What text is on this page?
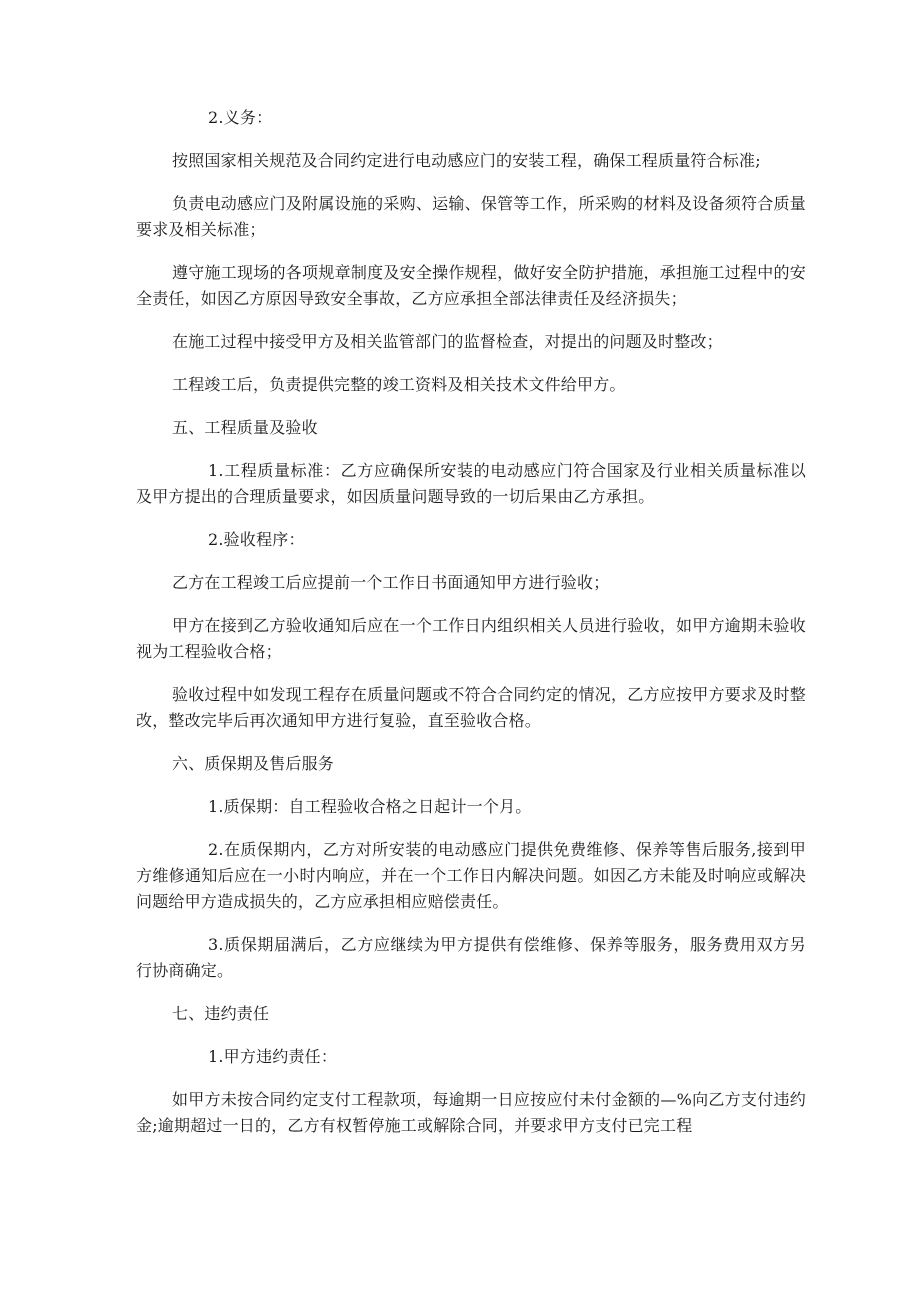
2.义务：

按照国家相关规范及合同约定进行电动感应门的安装工程，确保工程质量符合标准;

负责电动感应门及附属设施的采购、运输、保管等工作，所采购的材料及设备须符合质量要求及相关标准；

遵守施工现场的各项规章制度及安全操作规程，做好安全防护措施，承担施工过程中的安全责任，如因乙方原因导致安全事故，乙方应承担全部法律责任及经济损失；

在施工过程中接受甲方及相关监管部门的监督检查，对提出的问题及时整改；

工程竣工后，负责提供完整的竣工资料及相关技术文件给甲方。

五、工程质量及验收

1.工程质量标准：乙方应确保所安装的电动感应门符合国家及行业相关质量标准以及甲方提出的合理质量要求，如因质量问题导致的一切后果由乙方承担。

2.验收程序：

乙方在工程竣工后应提前一个工作日书面通知甲方进行验收；

甲方在接到乙方验收通知后应在一个工作日内组织相关人员进行验收，如甲方逾期未验收视为工程验收合格；

验收过程中如发现工程存在质量问题或不符合合同约定的情况，乙方应按甲方要求及时整改，整改完毕后再次通知甲方进行复验，直至验收合格。

六、质保期及售后服务

1.质保期：自工程验收合格之日起计一个月。

2.在质保期内，乙方对所安装的电动感应门提供免费维修、保养等售后服务,接到甲方维修通知后应在一小时内响应，并在一个工作日内解决问题。如因乙方未能及时响应或解决问题给甲方造成损失的，乙方应承担相应赔偿责任。

3.质保期届满后，乙方应继续为甲方提供有偿维修、保养等服务，服务费用双方另行协商确定。

七、违约责任

1.甲方违约责任：

如甲方未按合同约定支付工程款项，每逾期一日应按应付未付金额的—%向乙方支付违约金;逾期超过一日的，乙方有权暂停施工或解除合同，并要求甲方支付已完工程
